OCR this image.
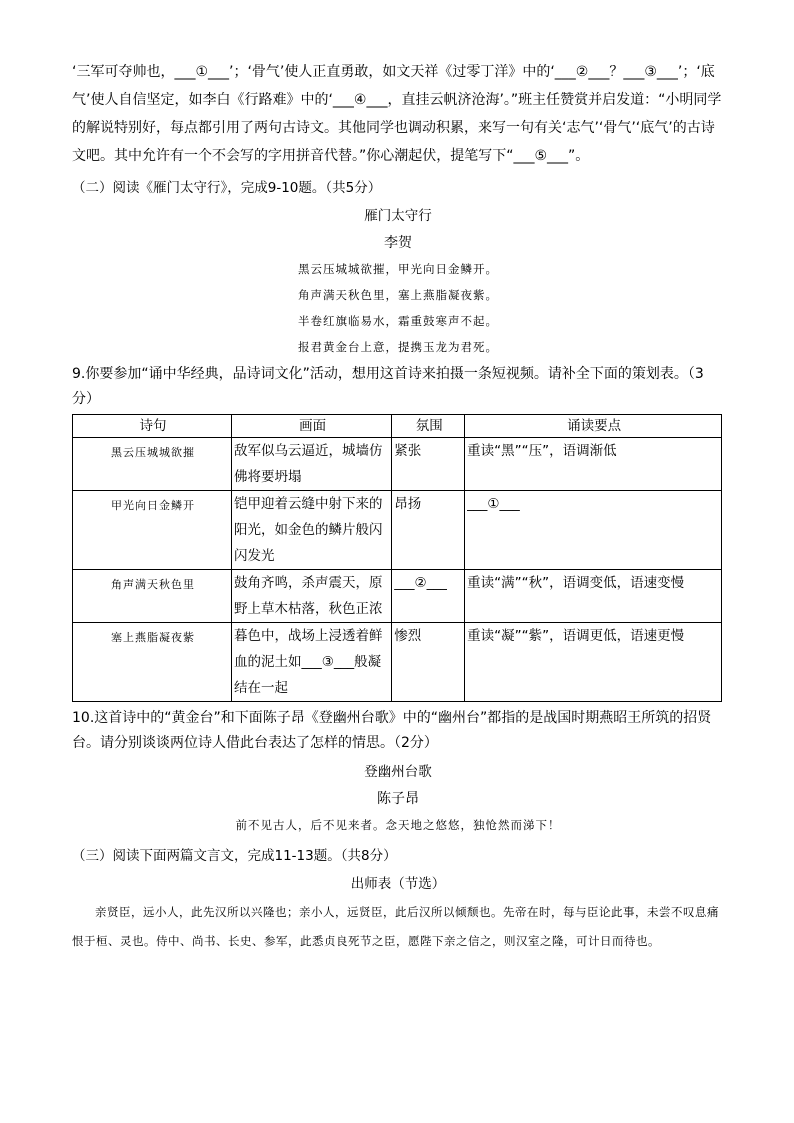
‘三军可夺帅也，___①___’；‘骨气’使人正直勇敢，如文天祥《过零丁洋》中的‘___②___？___③___’；‘底气’使人自信坚定，如李白《行路难》中的‘___④___，直挂云帆济沧海’。”班主任赞赏并启发道：“小明同学的解说特别好，每点都引用了两句古诗文。其他同学也调动积累，来写一句有关‘志气’‘骨气’‘底气’的古诗文吧。其中允许有一个不会写的字用拼音代替。”你心潮起伏，提笔写下“___⑤___”。

（二）阅读《雁门太守行》，完成9-10题。（共5分）
雁门太守行
李贺
黑云压城城欲摧，甲光向日金鳞开。
角声满天秋色里，塞上燕脂凝夜紫。
半卷红旗临易水，霜重鼓寒声不起。
报君黄金台上意，提携玉龙为君死。
9.你要参加“诵中华经典，品诗词文化”活动，想用这首诗来拍摄一条短视频。请补全下面的策划表。（3分）
诗句	画面	氛围	诵读要点
黑云压城城欲摧	敌军似乌云逼近，城墙仿佛将要坍塌	紧张	重读“黑”“压”，语调渐低
甲光向日金鳞开	铠甲迎着云缝中射下来的阳光，如金色的鳞片般闪闪发光	昂扬	___①___
角声满天秋色里	鼓角齐鸣，杀声震天，原野上草木枯落，秋色正浓	___②___	重读“满”“秋”，语调变低，语速变慢
塞上燕脂凝夜紫	暮色中，战场上浸透着鲜血的泥土如___③___般凝结在一起	惨烈	重读“凝”“紫”，语调更低，语速更慢
10.这首诗中的“黄金台”和下面陈子昂《登幽州台歌》中的“幽州台”都指的是战国时期燕昭王所筑的招贤台。请分别谈谈两位诗人借此台表达了怎样的情思。（2分）
登幽州台歌
陈子昂
前不见古人，后不见来者。念天地之悠悠，独怆然而涕下！
（三）阅读下面两篇文言文，完成11-13题。（共8分）
出师表（节选）

亲贤臣，远小人，此先汉所以兴隆也；亲小人，远贤臣，此后汉所以倾颓也。先帝在时，每与臣论此事，未尝不叹息痛恨于桓、灵也。侍中、尚书、长史、参军，此悉贞良死节之臣，愿陛下亲之信之，则汉室之隆，可计日而待也。
